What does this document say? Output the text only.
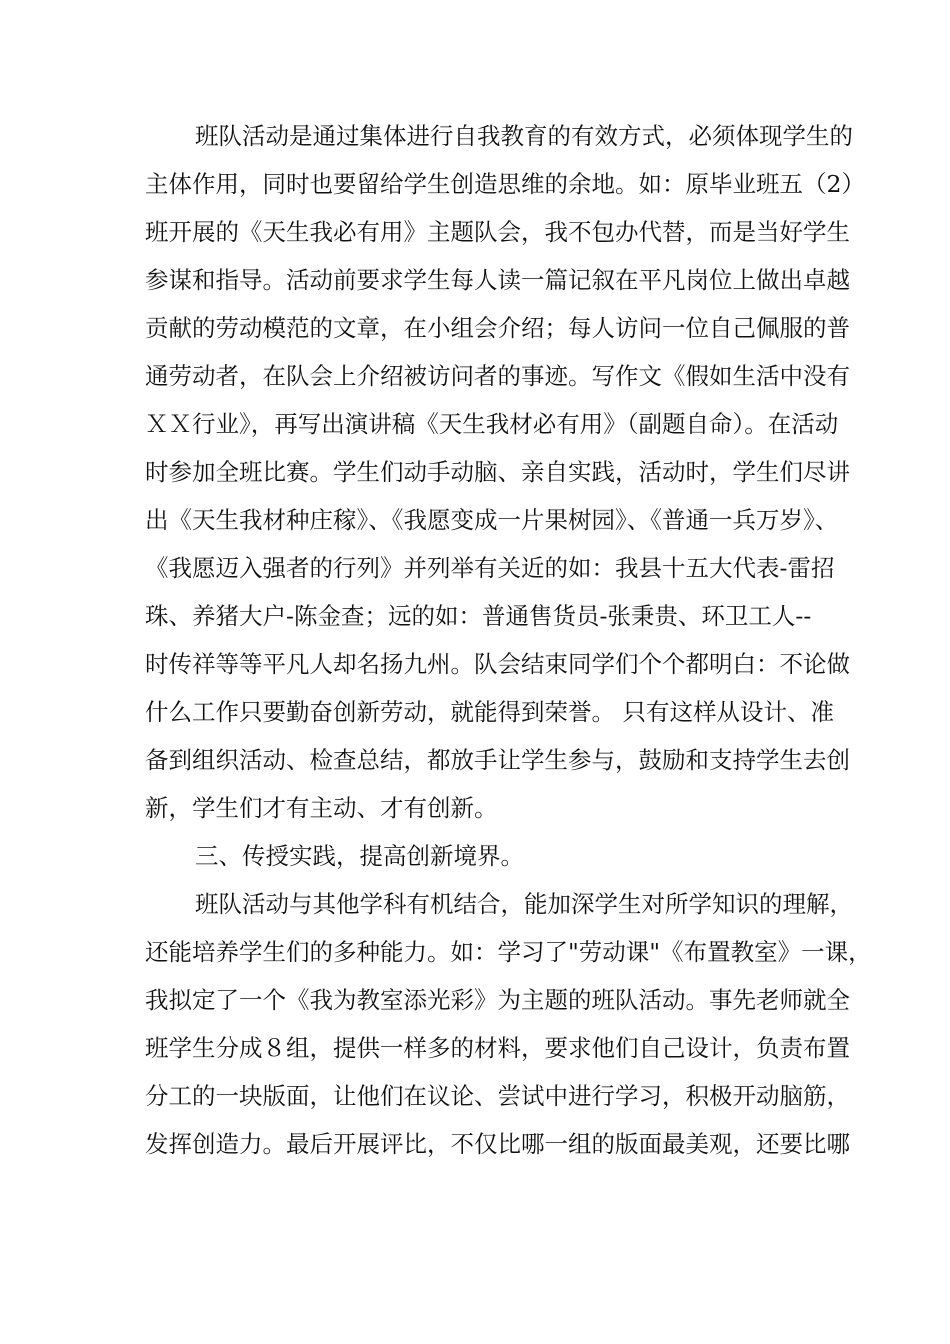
班队活动是通过集体进行自我教育的有效方式，必须体现学生的
主体作用，同时也要留给学生创造思维的余地。如：原毕业班五（2）
班开展的《天生我必有用》主题队会，我不包办代替，而是当好学生
参谋和指导。活动前要求学生每人读一篇记叙在平凡岗位上做出卓越
贡献的劳动模范的文章，在小组会介绍；每人访问一位自己佩服的普
通劳动者，在队会上介绍被访问者的事迹。写作文《假如生活中没有
ＸＸ行业》，再写出演讲稿《天生我材必有用》（副题自命）。在活动
时参加全班比赛。学生们动手动脑、亲自实践，活动时，学生们尽讲
出《天生我材种庄稼》、《我愿变成一片果树园》、《普通一兵万岁》、
《我愿迈入强者的行列》并列举有关近的如：我县十五大代表-雷招
珠、养猪大户-陈金查；远的如：普通售货员-张秉贵、环卫工人--
时传祥等等平凡人却名扬九州。队会结束同学们个个都明白：不论做
什么工作只要勤奋创新劳动，就能得到荣誉。 只有这样从设计、准
备到组织活动、检查总结，都放手让学生参与，鼓励和支持学生去创
新，学生们才有主动、才有创新。
三、传授实践，提高创新境界。
班队活动与其他学科有机结合，能加深学生对所学知识的理解，
还能培养学生们的多种能力。如：学习了"劳动课"《布置教室》一课，
我拟定了一个《我为教室添光彩》为主题的班队活动。事先老师就全
班学生分成８组，提供一样多的材料，要求他们自己设计，负责布置
分工的一块版面，让他们在议论、尝试中进行学习，积极开动脑筋，
发挥创造力。最后开展评比，不仅比哪一组的版面最美观，还要比哪
